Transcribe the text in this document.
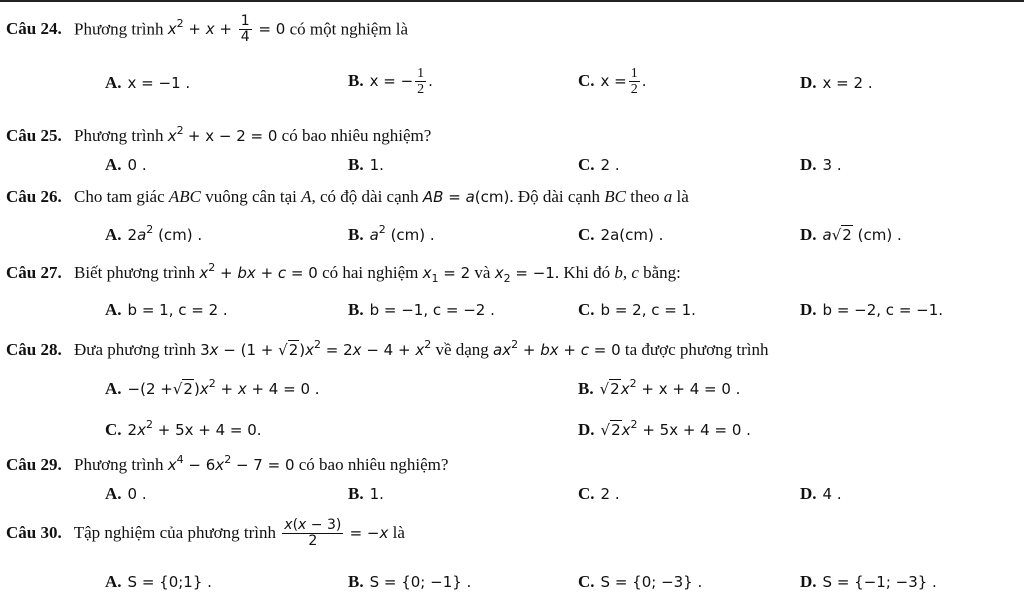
Câu 24. Phương trình $x^2 + x + \frac{1}{4} = 0$ có một nghiệm là
A. x = −1 .	B. x = − $\frac{1}{2}$ .	C. $x = \frac{1}{2}$ .	D. x = 2 .
Câu 25. Phương trình $x^2 + x - 2 = 0$ có bao nhiêu nghiệm?
A. 0 .	B. 1.	C. 2 .	D. 3 .
Câu 26. Cho tam giác ABC vuông cân tại A, có độ dài cạnh AB = a(cm). Độ dài cạnh BC theo a là
A. $2a^2$ (cm) .	B. $a^2$ (cm) .	C. 2a(cm) .	D. a√2 (cm) .
Câu 27. Biết phương trình $x^2$ + bx + c = 0 có hai nghiệm $x_1 = 2$ và $x_2 = -1$. Khi đó b, c bằng:
A. b = 1, c = 2 .	B. b = −1, c = −2 .	C. b = 2, c = 1.	D. b = −2, c = −1.
Câu 28. Đưa phương trình $3x - (1 + √2)x^2 = 2x - 4 + x^2$ về dạng $ax^2$ + bx + c = 0 ta được phương trình
A. $-(2 +√2)x^2 + x + 4 = 0$ .	B. $√2x^2 + x + 4 = 0$ .
C. $2x^2 + 5x + 4 = 0$.	D. $√2x^2 + 5x + 4 = 0$ .
Câu 29. Phương trình $x^4 - 6x^2 - 7 = 0$ có bao nhiêu nghiệm?
A. 0 .	B. 1.	C. 2 .	D. 4 .
Câu 30. Tập nghiệm của phương trình $\frac{x(x - 3)}{2} = -x$ là
A. S = {0;1} .	B. S = {0; −1} .	C. S = {0; −3} .	D. S = {−1; −3} .
